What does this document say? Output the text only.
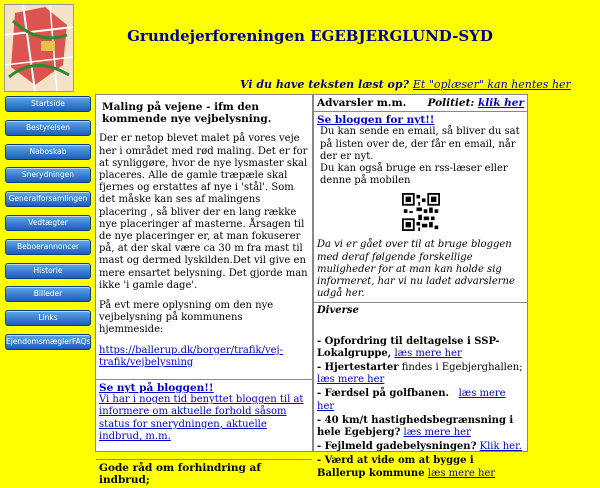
Grundejerforeningen EGEBJERGLUND-SYD
Vi du have teksten læst op? Et "oplæser" kan hentes her
Startside
Bestyrelsen
Naboskab
Snerydningen
Generalforsamlingen
Vedtægter
Beboerannoncer
Historie
Billeder
Links
EjendomsmæglerFAQs
Maling på vejene - ifm den kommende nye vejbelysning.

Der er netop blevet malet på vores veje her i området med rød maling. Det er for at synliggøre, hvor de nye lysmaster skal placeres. Alle de gamle træpæle skal fjernes og erstattes af nye i 'stål'. Som det måske kan ses af malingens placering , så bliver der en lang række nye placeringer af masterne. Årsagen til de nye placeringer er, at man fokuserer på, at der skal være ca 30 m fra mast til mast og dermed lyskilden.Det vil give en mere ensartet belysning. Det gjorde man ikke 'i gamle dage'.

På evt mere oplysning om den nye vejbelysning på kommunens hjemmeside:

https://ballerup.dk/borger/trafik/vej-trafik/vejbelysning

Se nyt på bloggen!!
Vi har i nogen tid benyttet bloggen til at informere om aktuelle forhold såsom status for snerydningen, aktuelle indbrud, m.m.
Gode råd om forhindring af indbrud;
Advarsler m.m. Politiet: klik her
Se bloggen for nyt!!
Du kan sende en email, så bliver du sat på listen over de, der får en email, når der er nyt.
Du kan også bruge en rss-læser eller denne på mobilen
Da vi er gået over til at bruge bloggen med deraf følgende forskellige muligheder for at man kan holde sig informeret, har vi nu ladet advarslerne udgå her.
Diverse
- Opfordring til deltagelse i SSP-Lokalgruppe, læs mere her
- Hjertestarter findes i Egebjerghallen; læs mere her
- Færdsel på golfbanen. læs mere her
- 40 km/t hastighedsbegrænsning i hele Egebjerg? læs mere her
- Fejlmeld gadebelysningen? Klik her.
- Værd at vide om at bygge i Ballerup kommune læs mere her
